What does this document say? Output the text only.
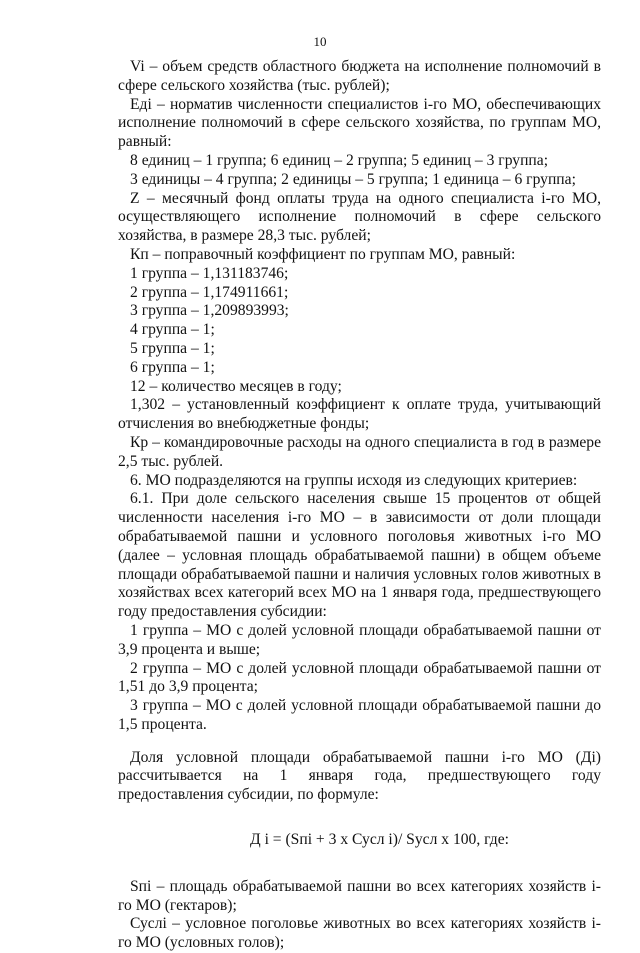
10

Vi – объем средств областного бюджета на исполнение полномочий в сфере сельского хозяйства (тыс. рублей);

Eдi – норматив численности специалистов i-го МО, обеспечивающих исполнение полномочий в сфере сельского хозяйства, по группам МО, равный:

8 единиц – 1 группа; 6 единиц – 2 группа; 5 единиц – 3 группа;

3 единицы – 4 группа; 2 единицы – 5 группа; 1 единица – 6 группа;

Z – месячный фонд оплаты труда на одного специалиста i-го МО, осуществляющего исполнение полномочий в сфере сельского хозяйства, в размере 28,3 тыс. рублей;

Кп – поправочный коэффициент по группам МО, равный:

1 группа – 1,131183746;

2 группа – 1,174911661;

3 группа – 1,209893993;

4 группа – 1;

5 группа – 1;

6 группа – 1;

12 – количество месяцев в году;

1,302 – установленный коэффициент к оплате труда, учитывающий отчисления во внебюджетные фонды;

Кр – командировочные расходы на одного специалиста в год в размере 2,5 тыс. рублей.

6. МО подразделяются на группы исходя из следующих критериев:

6.1. При доле сельского населения свыше 15 процентов от общей численности населения i-го МО – в зависимости от доли площади обрабатываемой пашни и условного поголовья животных i-го МО (далее – условная площадь обрабатываемой пашни) в общем объеме площади обрабатываемой пашни и наличия условных голов животных в хозяйствах всех категорий всех МО на 1 января года, предшествующего году предоставления субсидии:

1 группа – МО с долей условной площади обрабатываемой пашни от 3,9 процента и выше;

2 группа – МО с долей условной площади обрабатываемой пашни от 1,51 до 3,9 процента;

3 группа – МО с долей условной площади обрабатываемой пашни до 1,5 процента.

Доля условной площади обрабатываемой пашни i-го МО (Дi) рассчитывается на 1 января года, предшествующего году предоставления субсидии, по формуле:

Д i = (Sпi + 3 х Сусл i)/ Sусл х 100, где:

Sпi – площадь обрабатываемой пашни во всех категориях хозяйств i-го МО (гектаров);

Суслi – условное поголовье животных во всех категориях хозяйств i-го МО (условных голов);
